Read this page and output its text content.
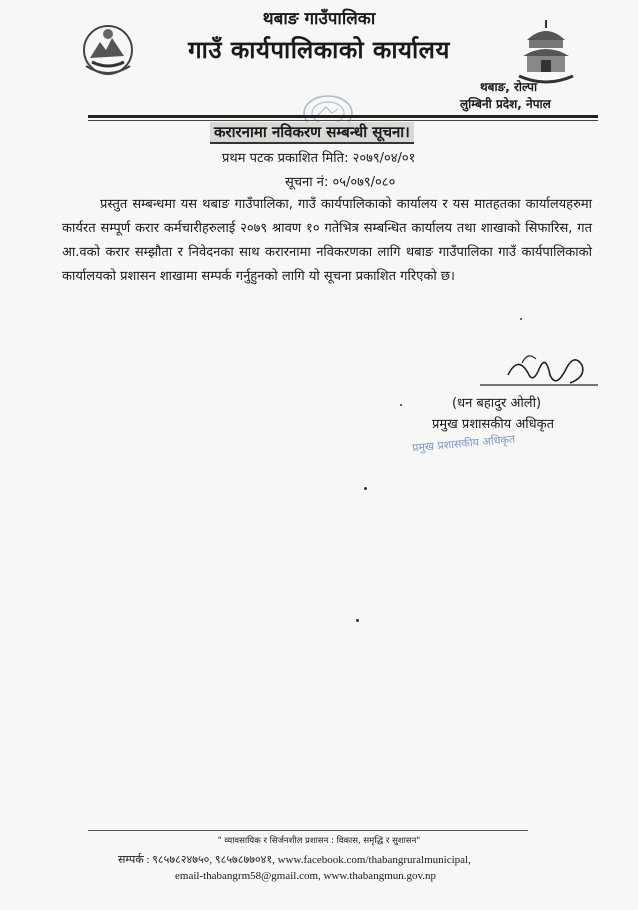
थबाङ गाउँपालिका
गाउँ कार्यपालिकाको कार्यालय
थबाङ, रोल्पा
लुम्बिनी प्रदेश, नेपाल
करारनामा नविकरण सम्बन्धी सूचना।
प्रथम पटक प्रकाशित मिति: २०७९/०४/०१
सूचना नं: ०५/०७९/०८०
प्रस्तुत सम्बन्धमा यस थबाङ गाउँपालिका, गाउँ कार्यपालिकाको कार्यालय र यस मातहतका कार्यालयहरुमा कार्यरत सम्पूर्ण करार कर्मचारीहरुलाई २०७९ श्रावण १० गतेभित्र सम्बन्धित कार्यालय तथा शाखाको सिफारिस, गत आ.वको करार सम्झौता र निवेदनका साथ करारनामा नविकरणका लागि थबाङ गाउँपालिका गाउँ कार्यपालिकाको कार्यालयको प्रशासन शाखामा सम्पर्क गर्नुहुनको लागि यो सूचना प्रकाशित गरिएको छ।
(धन बहादुर ओली)
प्रमुख प्रशासकीय अधिकृत
प्रमुख प्रशासकीय अधिकृत
" व्यावसायिक र सिर्जनशील प्रशासन : विकास, समृद्धि र सुशासन"
सम्पर्क : ९८५७८२४७५०, ९८५७८७७०४१, www.facebook.com/thabangruralmunicipal,
email-thabangrm58@gmail.com, www.thabangmun.gov.np
